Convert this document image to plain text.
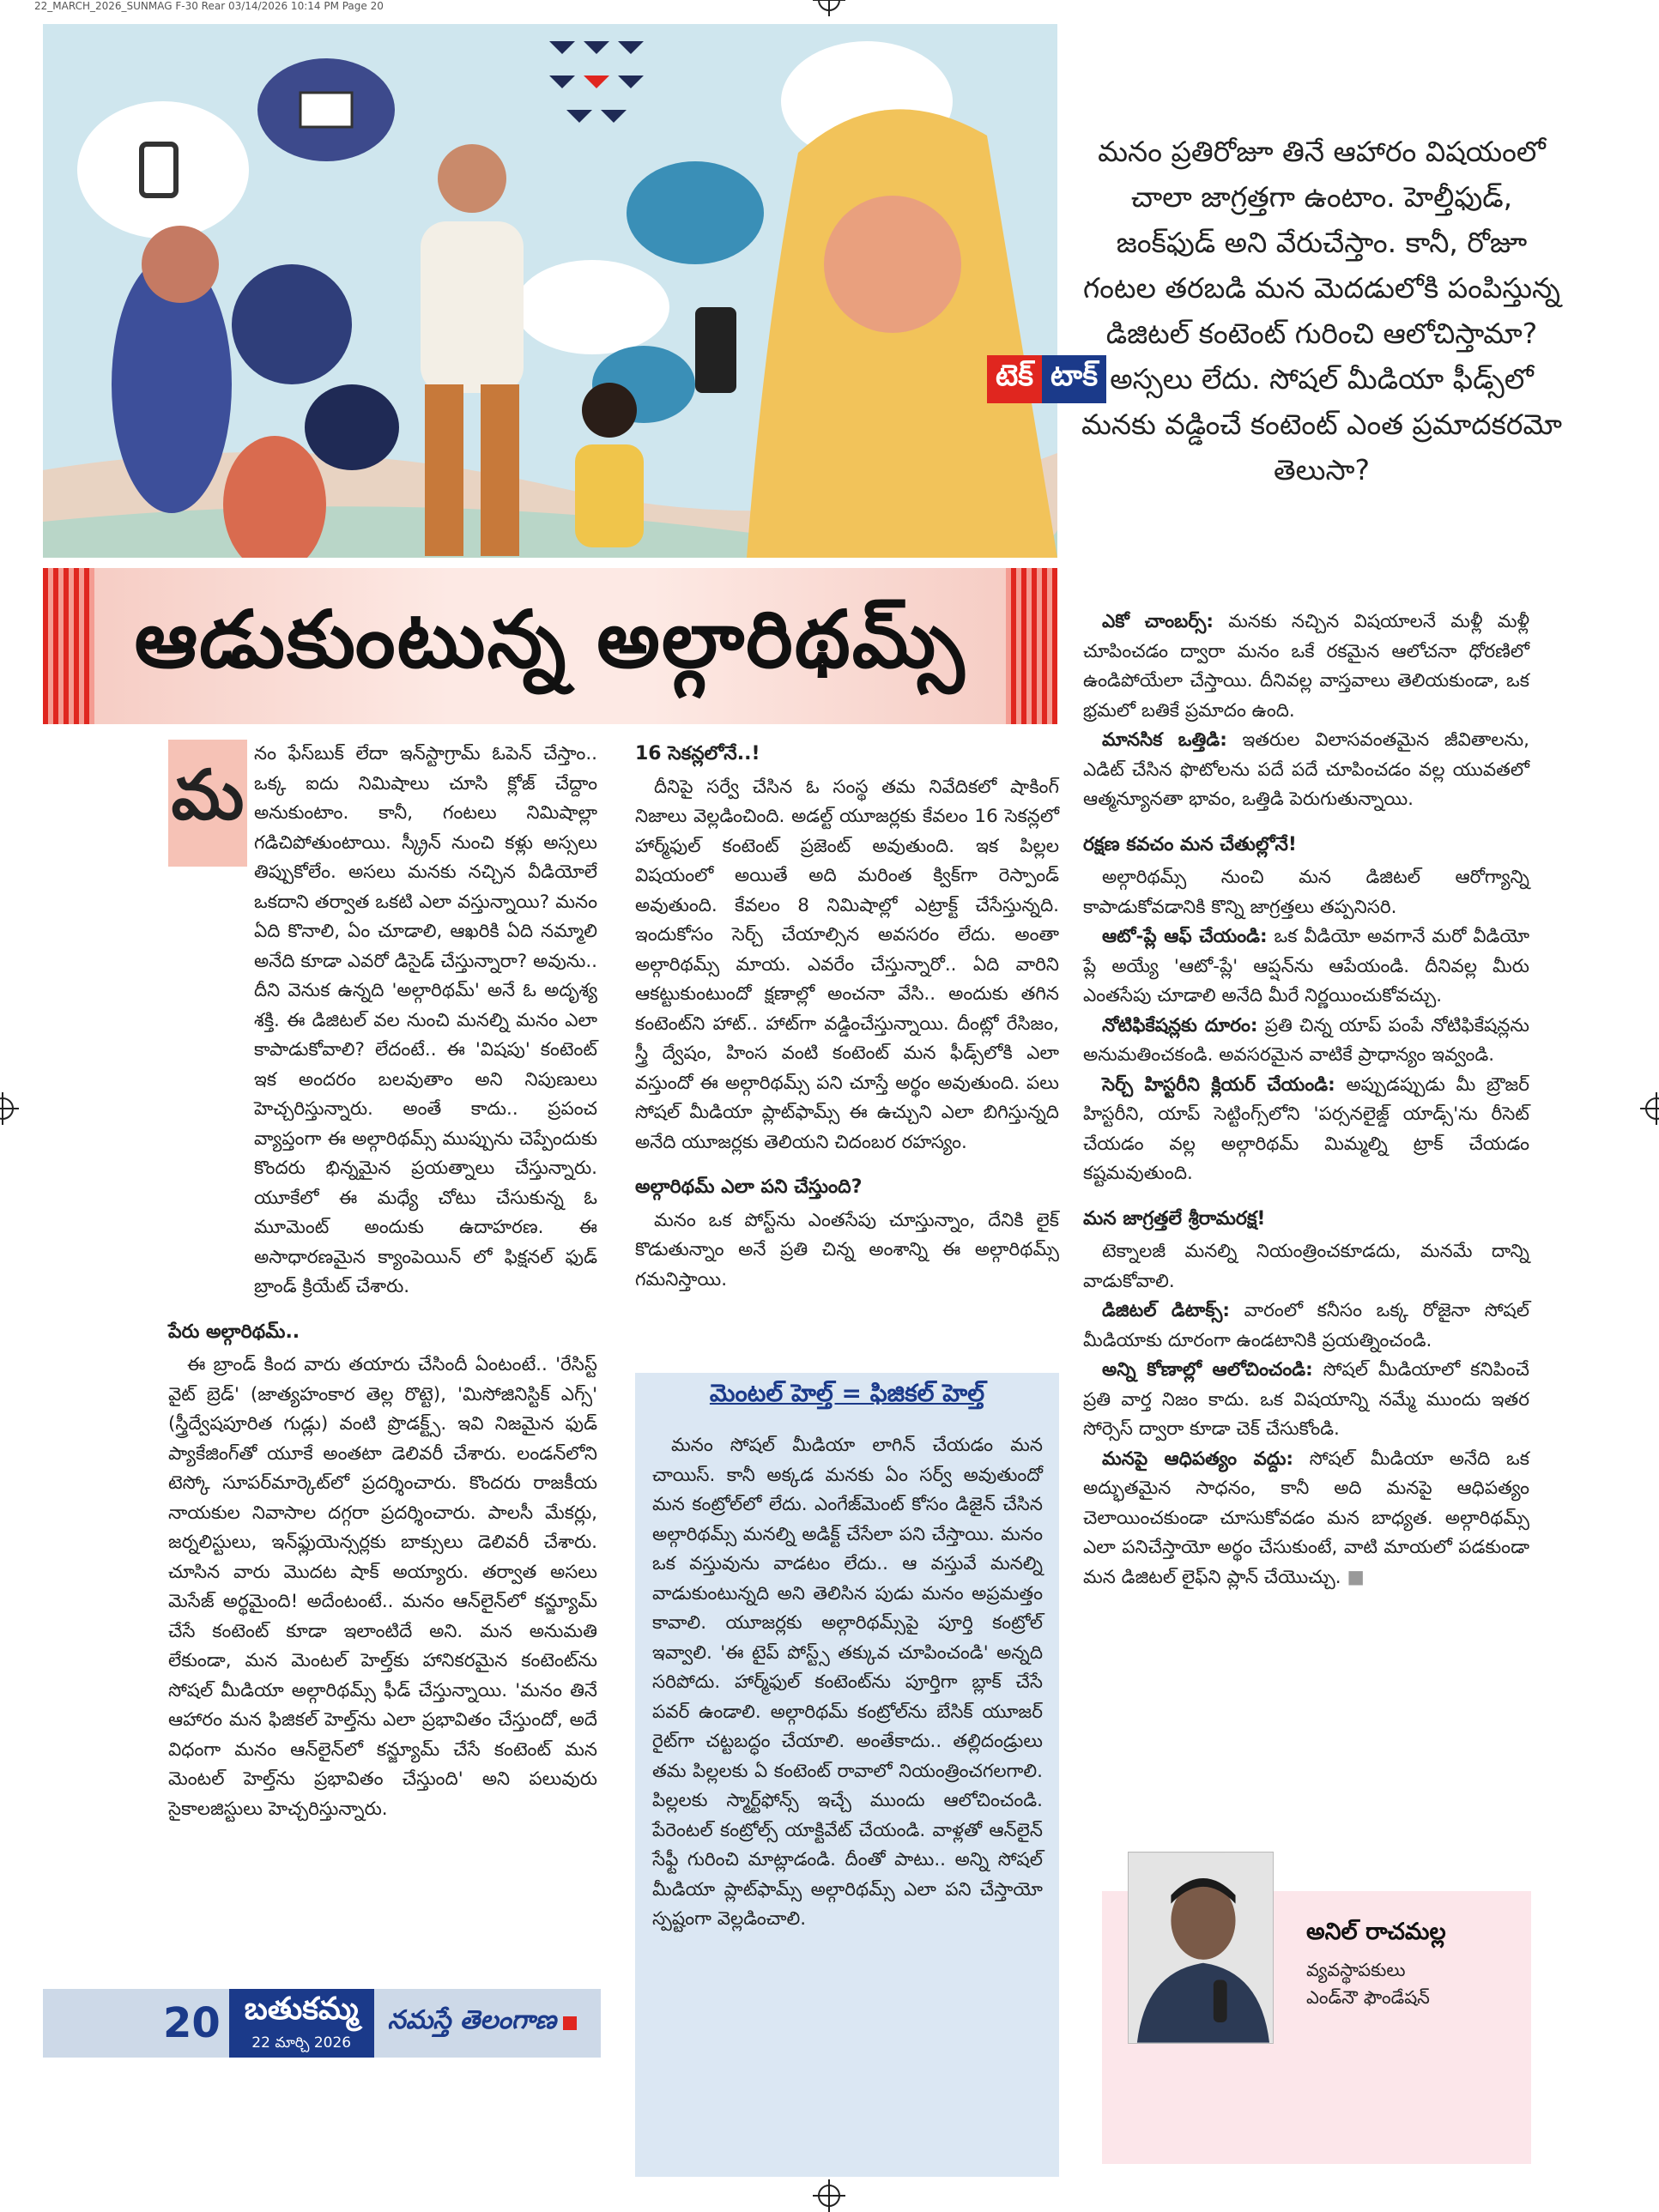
22_MARCH_2026_SUNMAG F-30 Rear 03/14/2026 10:14 PM Page 20
టెక్ టాక్
మనం ప్రతిరోజూ తినే ఆహారం విషయంలో చాలా జాగ్రత్తగా ఉంటాం. హెల్తీఫుడ్, జంక్‌ఫుడ్ అని వేరుచేస్తాం. కానీ, రోజూ గంటల తరబడి మన మెదడులోకి పంపిస్తున్న డిజిటల్ కంటెంట్ గురించి ఆలోచిస్తామా? అస్సలు లేదు. సోషల్ మీడియా ఫీడ్స్‌లో మనకు వడ్డించే కంటెంట్ ఎంత ప్రమాదకరమో తెలుసా?
ఆడుకుంటున్న అల్గారిథమ్స్
మ

నం ఫేస్‌బుక్ లేదా ఇన్‌స్టాగ్రామ్ ఓపెన్ చేస్తాం.. ఒక్క ఐదు నిమిషాలు చూసి క్లోజ్ చేద్దాం అనుకుంటాం. కానీ, గంటలు నిమిషాల్లా గడిచిపోతుంటాయి. స్క్రీన్ నుంచి కళ్లు అస్సలు తిప్పుకోలేం. అసలు మనకు నచ్చిన వీడియోలే ఒకదాని తర్వాత ఒకటి ఎలా వస్తున్నాయి? మనం ఏది కొనాలి, ఏం చూడాలి, ఆఖరికి ఏది నమ్మాలి అనేది కూడా ఎవరో డిసైడ్ చేస్తున్నారా? అవును.. దీని వెనుక ఉన్నది 'అల్గారిథమ్' అనే ఓ అదృశ్య శక్తి. ఈ డిజిటల్ వల నుంచి మనల్ని మనం ఎలా కాపాడుకోవాలి? లేదంటే.. ఈ 'విషపు' కంటెంట్ ఇక అందరం బలవుతాం అని నిపుణులు హెచ్చరిస్తున్నారు. అంతే కాదు.. ప్రపంచ వ్యాప్తంగా ఈ అల్గారిథమ్స్ ముప్పును చెప్పేందుకు కొందరు భిన్నమైన ప్రయత్నాలు చేస్తున్నారు. యూకేలో ఈ మధ్యే చోటు చేసుకున్న ఓ మూమెంట్ అందుకు ఉదాహరణ. ఈ అసాధారణమైన క్యాంపెయిన్ లో ఫిక్షనల్ ఫుడ్ బ్రాండ్ క్రియేట్ చేశారు.

పేరు అల్గారిథమ్..

ఈ బ్రాండ్ కింద వారు తయారు చేసిందీ ఏంటంటే.. 'రేసిస్ట్ వైట్ బ్రెడ్' (జాత్యహంకార తెల్ల రొట్టె), 'మిసోజినిస్టిక్ ఎగ్స్' (స్త్రీద్వేషపూరిత గుడ్లు) వంటి ప్రొడక్ట్స్. ఇవి నిజమైన ఫుడ్ ప్యాకేజింగ్‌తో యూకే అంతటా డెలివరీ చేశారు. లండన్‌లోని టెస్కో సూపర్‌మార్కెట్‌లో ప్రదర్శించారు. కొందరు రాజకీయ నాయకుల నివాసాల దగ్గరా ప్రదర్శించారు. పాలసీ మేకర్లు, జర్నలిస్టులు, ఇన్‌ఫ్లుయెన్సర్లకు బాక్సులు డెలివరీ చేశారు. చూసిన వారు మొదట షాక్ అయ్యారు. తర్వాత అసలు మెసేజ్ అర్థమైంది! అదేంటంటే.. మనం ఆన్‌లైన్‌లో కన్జ్యూమ్ చేసే కంటెంట్ కూడా ఇలాంటిదే అని. మన అనుమతి లేకుండా, మన మెంటల్ హెల్త్‌కు హానికరమైన కంటెంట్‌ను సోషల్ మీడియా అల్గారిథమ్స్ ఫీడ్ చేస్తున్నాయి. 'మనం తినే ఆహారం మన ఫిజికల్ హెల్త్‌ను ఎలా ప్రభావితం చేస్తుందో, అదే విధంగా మనం ఆన్‌లైన్‌లో కన్జ్యూమ్ చేసే కంటెంట్ మన మెంటల్ హెల్త్‌ను ప్రభావితం చేస్తుంది' అని పలువురు సైకాలజిస్టులు హెచ్చరిస్తున్నారు.

16 సెకన్లలోనే..!

దీనిపై సర్వే చేసిన ఓ సంస్థ తమ నివేదికలో షాకింగ్ నిజాలు వెల్లడించింది. అడల్ట్ యూజర్లకు కేవలం 16 సెకన్లలో హార్మ్‌ఫుల్ కంటెంట్ ప్రజెంట్ అవుతుంది. ఇక పిల్లల విషయంలో అయితే అది మరింత క్విక్‌గా రెస్పాండ్ అవుతుంది. కేవలం 8 నిమిషాల్లో ఎట్రాక్ట్ చేసేస్తున్నది. ఇందుకోసం సెర్చ్ చేయాల్సిన అవసరం లేదు. అంతా అల్గారిథమ్స్ మాయ. ఎవరేం చేస్తున్నారో.. ఏది వారిని ఆకట్టుకుంటుందో క్షణాల్లో అంచనా వేసి.. అందుకు తగిన కంటెంట్‌ని హాట్.. హాట్‌గా వడ్డించేస్తున్నాయి. దీంట్లో రేసిజం, స్త్రీ ద్వేషం, హింస వంటి కంటెంట్ మన ఫీడ్స్‌లోకి ఎలా వస్తుందో ఈ అల్గారిథమ్స్ పని చూస్తే అర్థం అవుతుంది. పలు సోషల్ మీడియా ప్లాట్‌ఫామ్స్ ఈ ఉచ్చుని ఎలా బిగిస్తున్నది అనేది యూజర్లకు తెలియని చిదంబర రహస్యం.

అల్గారిథమ్ ఎలా పని చేస్తుంది?

మనం ఒక పోస్ట్‌ను ఎంతసేపు చూస్తున్నాం, దేనికి లైక్ కొడుతున్నాం అనే ప్రతి చిన్న అంశాన్ని ఈ అల్గారిథమ్స్ గమనిస్తాయి.

మెంటల్ హెల్త్ = ఫిజికల్ హెల్త్

మనం సోషల్ మీడియా లాగిన్ చేయడం మన చాయిస్. కానీ అక్కడ మనకు ఏం సర్వ్ అవుతుందో మన కంట్రోల్‌లో లేదు. ఎంగేజ్‌మెంట్ కోసం డిజైన్ చేసిన అల్గారిథమ్స్ మనల్ని అడిక్ట్ చేసేలా పని చేస్తాయి. మనం ఒక వస్తువును వాడటం లేదు.. ఆ వస్తువే మనల్ని వాడుకుంటున్నది అని తెలిసిన పుడు మనం అప్రమత్తం కావాలి. యూజర్లకు అల్గారిథమ్స్‌పై పూర్తి కంట్రోల్ ఇవ్వాలి. 'ఈ టైప్ పోస్ట్స్ తక్కువ చూపించండి' అన్నది సరిపోదు. హార్మ్‌ఫుల్ కంటెంట్‌ను పూర్తిగా బ్లాక్ చేసే పవర్ ఉండాలి. అల్గారిథమ్ కంట్రోల్‌ను బేసిక్ యూజర్ రైట్‌గా చట్టబద్ధం చేయాలి. అంతేకాదు.. తల్లిదండ్రులు తమ పిల్లలకు ఏ కంటెంట్ రావాలో నియంత్రించగలగాలి. పిల్లలకు స్మార్ట్‌ఫోన్స్ ఇచ్చే ముందు ఆలోచించండి. పేరెంటల్ కంట్రోల్స్ యాక్టివేట్ చేయండి. వాళ్లతో ఆన్‌లైన్ సేఫ్టీ గురించి మాట్లాడండి. దీంతో పాటు.. అన్ని సోషల్ మీడియా ప్లాట్‌ఫామ్స్ అల్గారిథమ్స్ ఎలా పని చేస్తాయో స్పష్టంగా వెల్లడించాలి.

ఎకో చాంబర్స్: మనకు నచ్చిన విషయాలనే మళ్లీ మళ్లీ చూపించడం ద్వారా మనం ఒకే రకమైన ఆలోచనా ధోరణిలో ఉండిపోయేలా చేస్తాయి. దీనివల్ల వాస్తవాలు తెలియకుండా, ఒక భ్రమలో బతికే ప్రమాదం ఉంది.

మానసిక ఒత్తిడి: ఇతరుల విలాసవంతమైన జీవితాలను, ఎడిట్ చేసిన ఫొటోలను పదే పదే చూపించడం వల్ల యువతలో ఆత్మన్యూనతా భావం, ఒత్తిడి పెరుగుతున్నాయి.

రక్షణ కవచం మన చేతుల్లోనే!

అల్గారిథమ్స్ నుంచి మన డిజిటల్ ఆరోగ్యాన్ని కాపాడుకోవడానికి కొన్ని జాగ్రత్తలు తప్పనిసరి.

ఆటో-ప్లే ఆఫ్ చేయండి: ఒక వీడియో అవగానే మరో వీడియో ప్లే అయ్యే 'ఆటో-ప్లే' ఆప్షన్‌ను ఆపేయండి. దీనివల్ల మీరు ఎంతసేపు చూడాలి అనేది మీరే నిర్ణయించుకోవచ్చు.

నోటిఫికేషన్లకు దూరం: ప్రతి చిన్న యాప్ పంపే నోటిఫికేషన్లను అనుమతించకండి. అవసరమైన వాటికే ప్రాధాన్యం ఇవ్వండి.

సెర్చ్ హిస్టరీని క్లియర్ చేయండి: అప్పుడప్పుడు మీ బ్రౌజర్ హిస్టరీని, యాప్ సెట్టింగ్స్‌లోని 'పర్సనలైజ్డ్ యాడ్స్'ను రీసెట్ చేయడం వల్ల అల్గారిథమ్ మిమ్మల్ని ట్రాక్ చేయడం కష్టమవుతుంది.

మన జాగ్రత్తలే శ్రీరామరక్ష!

టెక్నాలజీ మనల్ని నియంత్రించకూడదు, మనమే దాన్ని వాడుకోవాలి.

డిజిటల్ డిటాక్స్: వారంలో కనీసం ఒక్క రోజైనా సోషల్ మీడియాకు దూరంగా ఉండటానికి ప్రయత్నించండి.

అన్ని కోణాల్లో ఆలోచించండి: సోషల్ మీడియాలో కనిపించే ప్రతి వార్త నిజం కాదు. ఒక విషయాన్ని నమ్మే ముందు ఇతర సోర్సెస్ ద్వారా కూడా చెక్ చేసుకోండి.

మనపై ఆధిపత్యం వద్దు: సోషల్ మీడియా అనేది ఒక అద్భుతమైన సాధనం, కానీ అది మనపై ఆధిపత్యం చెలాయించకుండా చూసుకోవడం మన బాధ్యత. అల్గారిథమ్స్ ఎలా పనిచేస్తాయో అర్థం చేసుకుంటే, వాటి మాయలో పడకుండా మన డిజిటల్ లైఫ్‌ని ప్లాన్ చేయొచ్చు. ■

అనిల్ రాచమల్ల
వ్యవస్థాపకులు
ఎండ్‌నౌ ఫౌండేషన్
20 బతుకమ్మ
22 మార్చి 2026
నమస్తే తెలంగాణ
